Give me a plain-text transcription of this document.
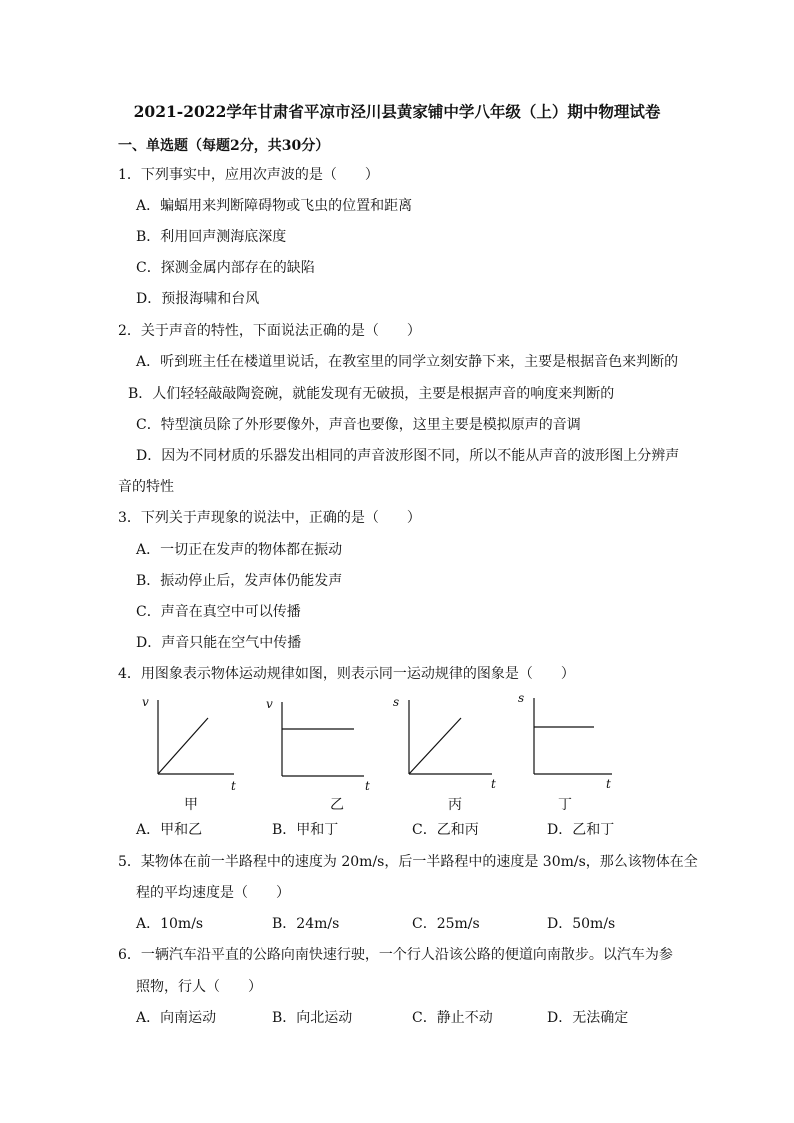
2021-2022学年甘肃省平凉市泾川县黄家铺中学八年级（上）期中物理试卷
一、单选题（每题2分，共30分）
1．下列事实中，应用次声波的是（　　）
A．蝙蝠用来判断障碍物或飞虫的位置和距离
B．利用回声测海底深度
C．探测金属内部存在的缺陷
D．预报海啸和台风
2．关于声音的特性，下面说法正确的是（　　）
A．听到班主任在楼道里说话，在教室里的同学立刻安静下来，主要是根据音色来判断的
B．人们轻轻敲敲陶瓷碗，就能发现有无破损，主要是根据声音的响度来判断的
C．特型演员除了外形要像外，声音也要像，这里主要是模拟原声的音调
D．因为不同材质的乐器发出相同的声音波形图不同，所以不能从声音的波形图上分辨声
音的特性
3．下列关于声现象的说法中，正确的是（　　）
A．一切正在发声的物体都在振动
B．振动停止后，发声体仍能发声
C．声音在真空中可以传播
D．声音只能在空气中传播
4．用图象表示物体运动规律如图，则表示同一运动规律的图象是（　　）
v
t
甲
v
t
乙
s
t
丙
s
t
丁
A．甲和乙	B．甲和丁	C．乙和丙	D．乙和丁
5．某物体在前一半路程中的速度为 20m/s，后一半路程中的速度是 30m/s，那么该物体在全
程的平均速度是（　　）
A．10m/s	B．24m/s	C．25m/s	D．50m/s
6．一辆汽车沿平直的公路向南快速行驶，一个行人沿该公路的便道向南散步。以汽车为参
照物，行人（　　）
A．向南运动	B．向北运动	C．静止不动	D．无法确定
